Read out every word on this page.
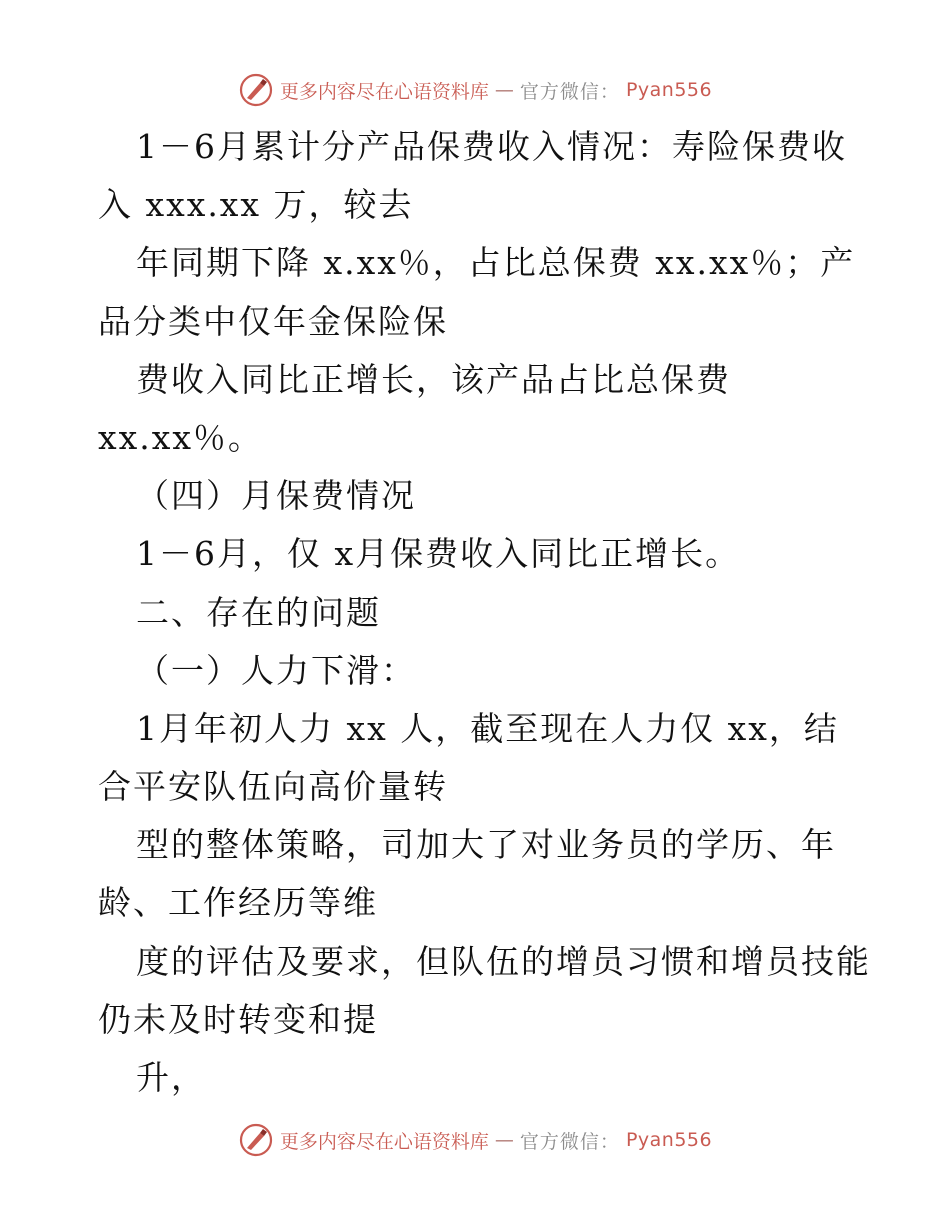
更多内容尽在心语资料库 — 官方微信： Pyan556
1－6月累计分产品保费收入情况：寿险保费收
入 xxx.xx 万，较去
年同期下降 x.xx％，占比总保费 xx.xx％；产
品分类中仅年金保险保
费收入同比正增长，该产品占比总保费
xx.xx％。
（四）月保费情况
1－6月，仅 x月保费收入同比正增长。
二、存在的问题
（一）人力下滑：
1月年初人力 xx 人，截至现在人力仅 xx，结
合平安队伍向高价量转
型的整体策略，司加大了对业务员的学历、年
龄、工作经历等维
度的评估及要求，但队伍的增员习惯和增员技能
仍未及时转变和提
升，
更多内容尽在心语资料库 — 官方微信： Pyan556
